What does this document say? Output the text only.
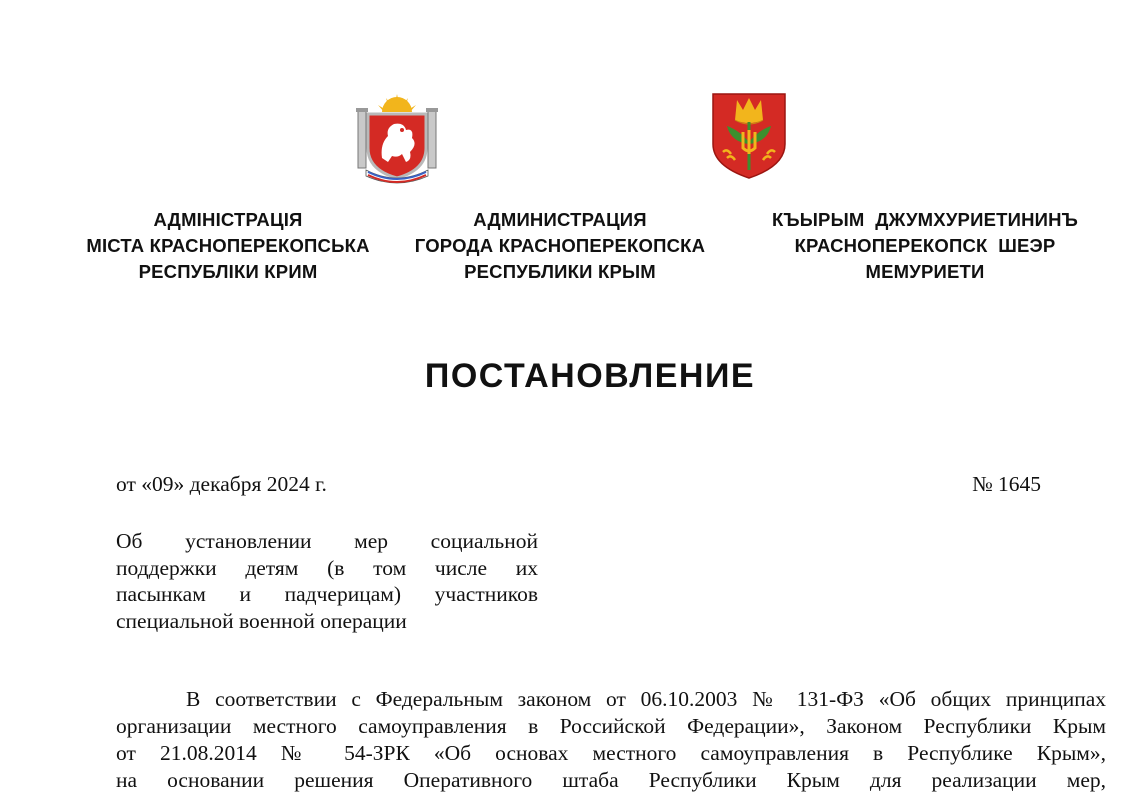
АДМІНІСТРАЦІЯ
МІСТА КРАСНОПЕРЕКОПСЬКА
РЕСПУБЛІКИ КРИМ
АДМИНИСТРАЦИЯ
ГОРОДА КРАСНОПЕРЕКОПСКА
РЕСПУБЛИКИ КРЫМ
КЪЫРЫМ  ДЖУМХУРИЕТИНИНЪ
КРАСНОПЕРЕКОПСК  ШЕЭР
МЕМУРИЕТИ
ПОСТАНОВЛЕНИЕ
от «09» декабря 2024 г.	№ 1645
Об установлении мер социальной
поддержки детям (в том числе их
пасынкам и падчерицам) участников
специальной военной операции
В соответствии с Федеральным законом от 06.10.2003 № 131-ФЗ «Об общих принципах
организации местного самоуправления в Российской Федерации», Законом Республики Крым
от 21.08.2014 № 54-ЗРК «Об основах местного самоуправления в Республике Крым»,
на основании решения Оперативного штаба Республики Крым для реализации мер,
